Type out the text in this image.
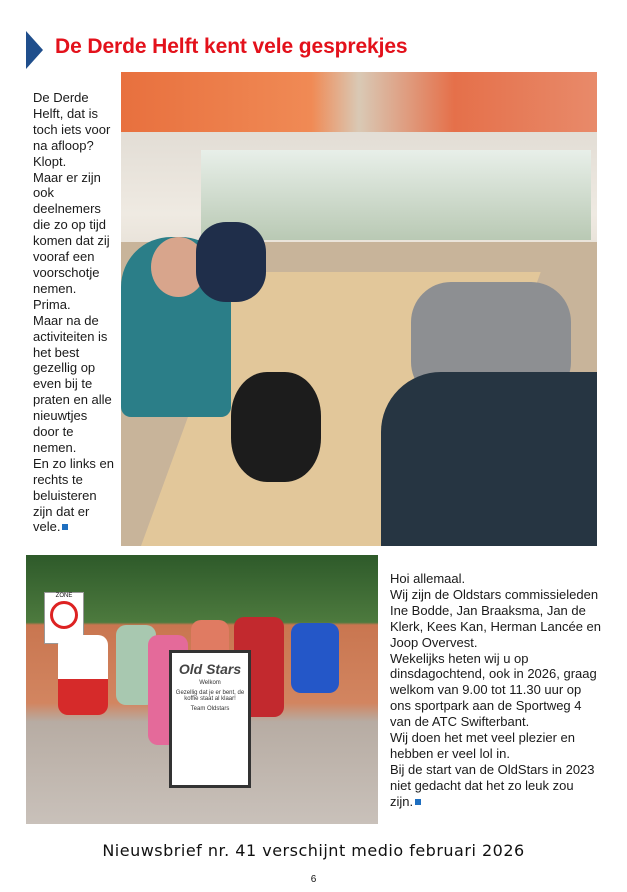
De Derde Helft kent vele gesprekjes
De Derde
Helft, dat is
toch iets voor
na afloop?
Klopt.
Maar er zijn
ook
deelnemers
die zo op tijd
komen dat zij
vooraf een
voorschotje
nemen.
Prima.
Maar na de
activiteiten is
het best
gezellig op
even bij te
praten en alle
nieuwtjes
door te
nemen.
En zo links en
rechts te
beluisteren
zijn dat er
vele.
ZONE
Old Stars

Welkom

Gezellig dat je er bent, de koffie staat al klaar!

Team Oldstars

Hoi allemaal.
Wij zijn de Oldstars commissieleden
Ine Bodde, Jan Braaksma, Jan de
Klerk, Kees Kan, Herman Lancée en
Joop Overvest.
Wekelijks heten wij u op
dinsdagochtend, ook in 2026, graag
welkom van 9.00 tot 11.30 uur op
ons sportpark aan de Sportweg 4
van de ATC Swifterbant.
Wij doen het met veel plezier en
hebben er veel lol in.
Bij de start van de OldStars in 2023
niet gedacht dat het zo leuk zou
zijn.
Nieuwsbrief nr. 41 verschijnt medio februari 2026
6
